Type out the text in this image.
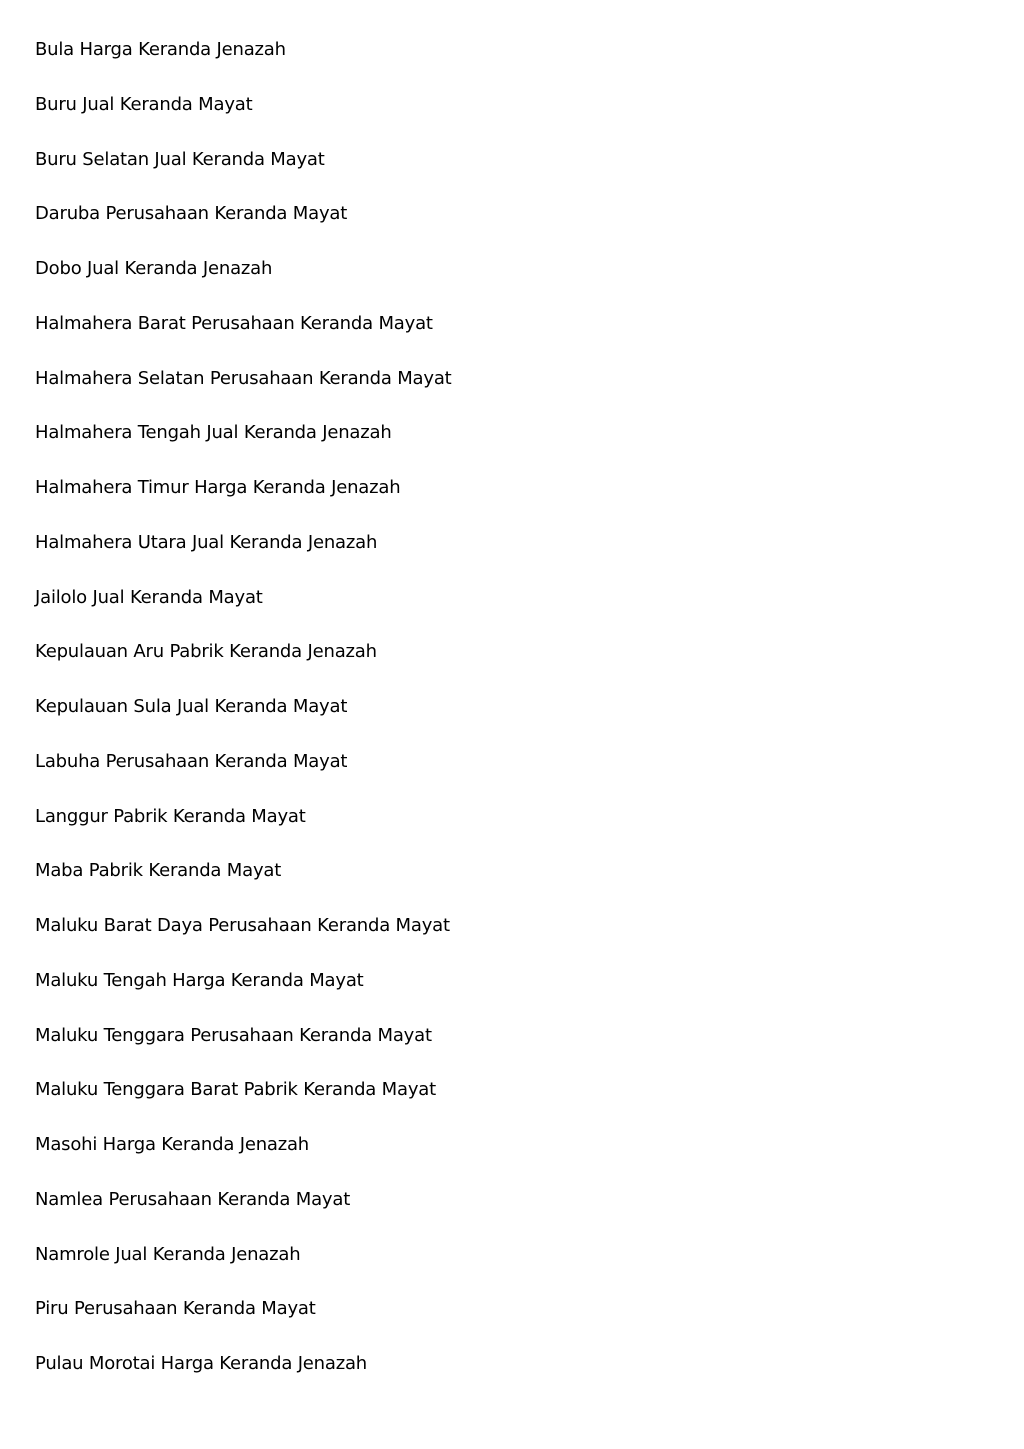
Bula Harga Keranda Jenazah
Buru Jual Keranda Mayat
Buru Selatan Jual Keranda Mayat
Daruba Perusahaan Keranda Mayat
Dobo Jual Keranda Jenazah
Halmahera Barat Perusahaan Keranda Mayat
Halmahera Selatan Perusahaan Keranda Mayat
Halmahera Tengah Jual Keranda Jenazah
Halmahera Timur Harga Keranda Jenazah
Halmahera Utara Jual Keranda Jenazah
Jailolo Jual Keranda Mayat
Kepulauan Aru Pabrik Keranda Jenazah
Kepulauan Sula Jual Keranda Mayat
Labuha Perusahaan Keranda Mayat
Langgur Pabrik Keranda Mayat
Maba Pabrik Keranda Mayat
Maluku Barat Daya Perusahaan Keranda Mayat
Maluku Tengah Harga Keranda Mayat
Maluku Tenggara Perusahaan Keranda Mayat
Maluku Tenggara Barat Pabrik Keranda Mayat
Masohi Harga Keranda Jenazah
Namlea Perusahaan Keranda Mayat
Namrole Jual Keranda Jenazah
Piru Perusahaan Keranda Mayat
Pulau Morotai Harga Keranda Jenazah
